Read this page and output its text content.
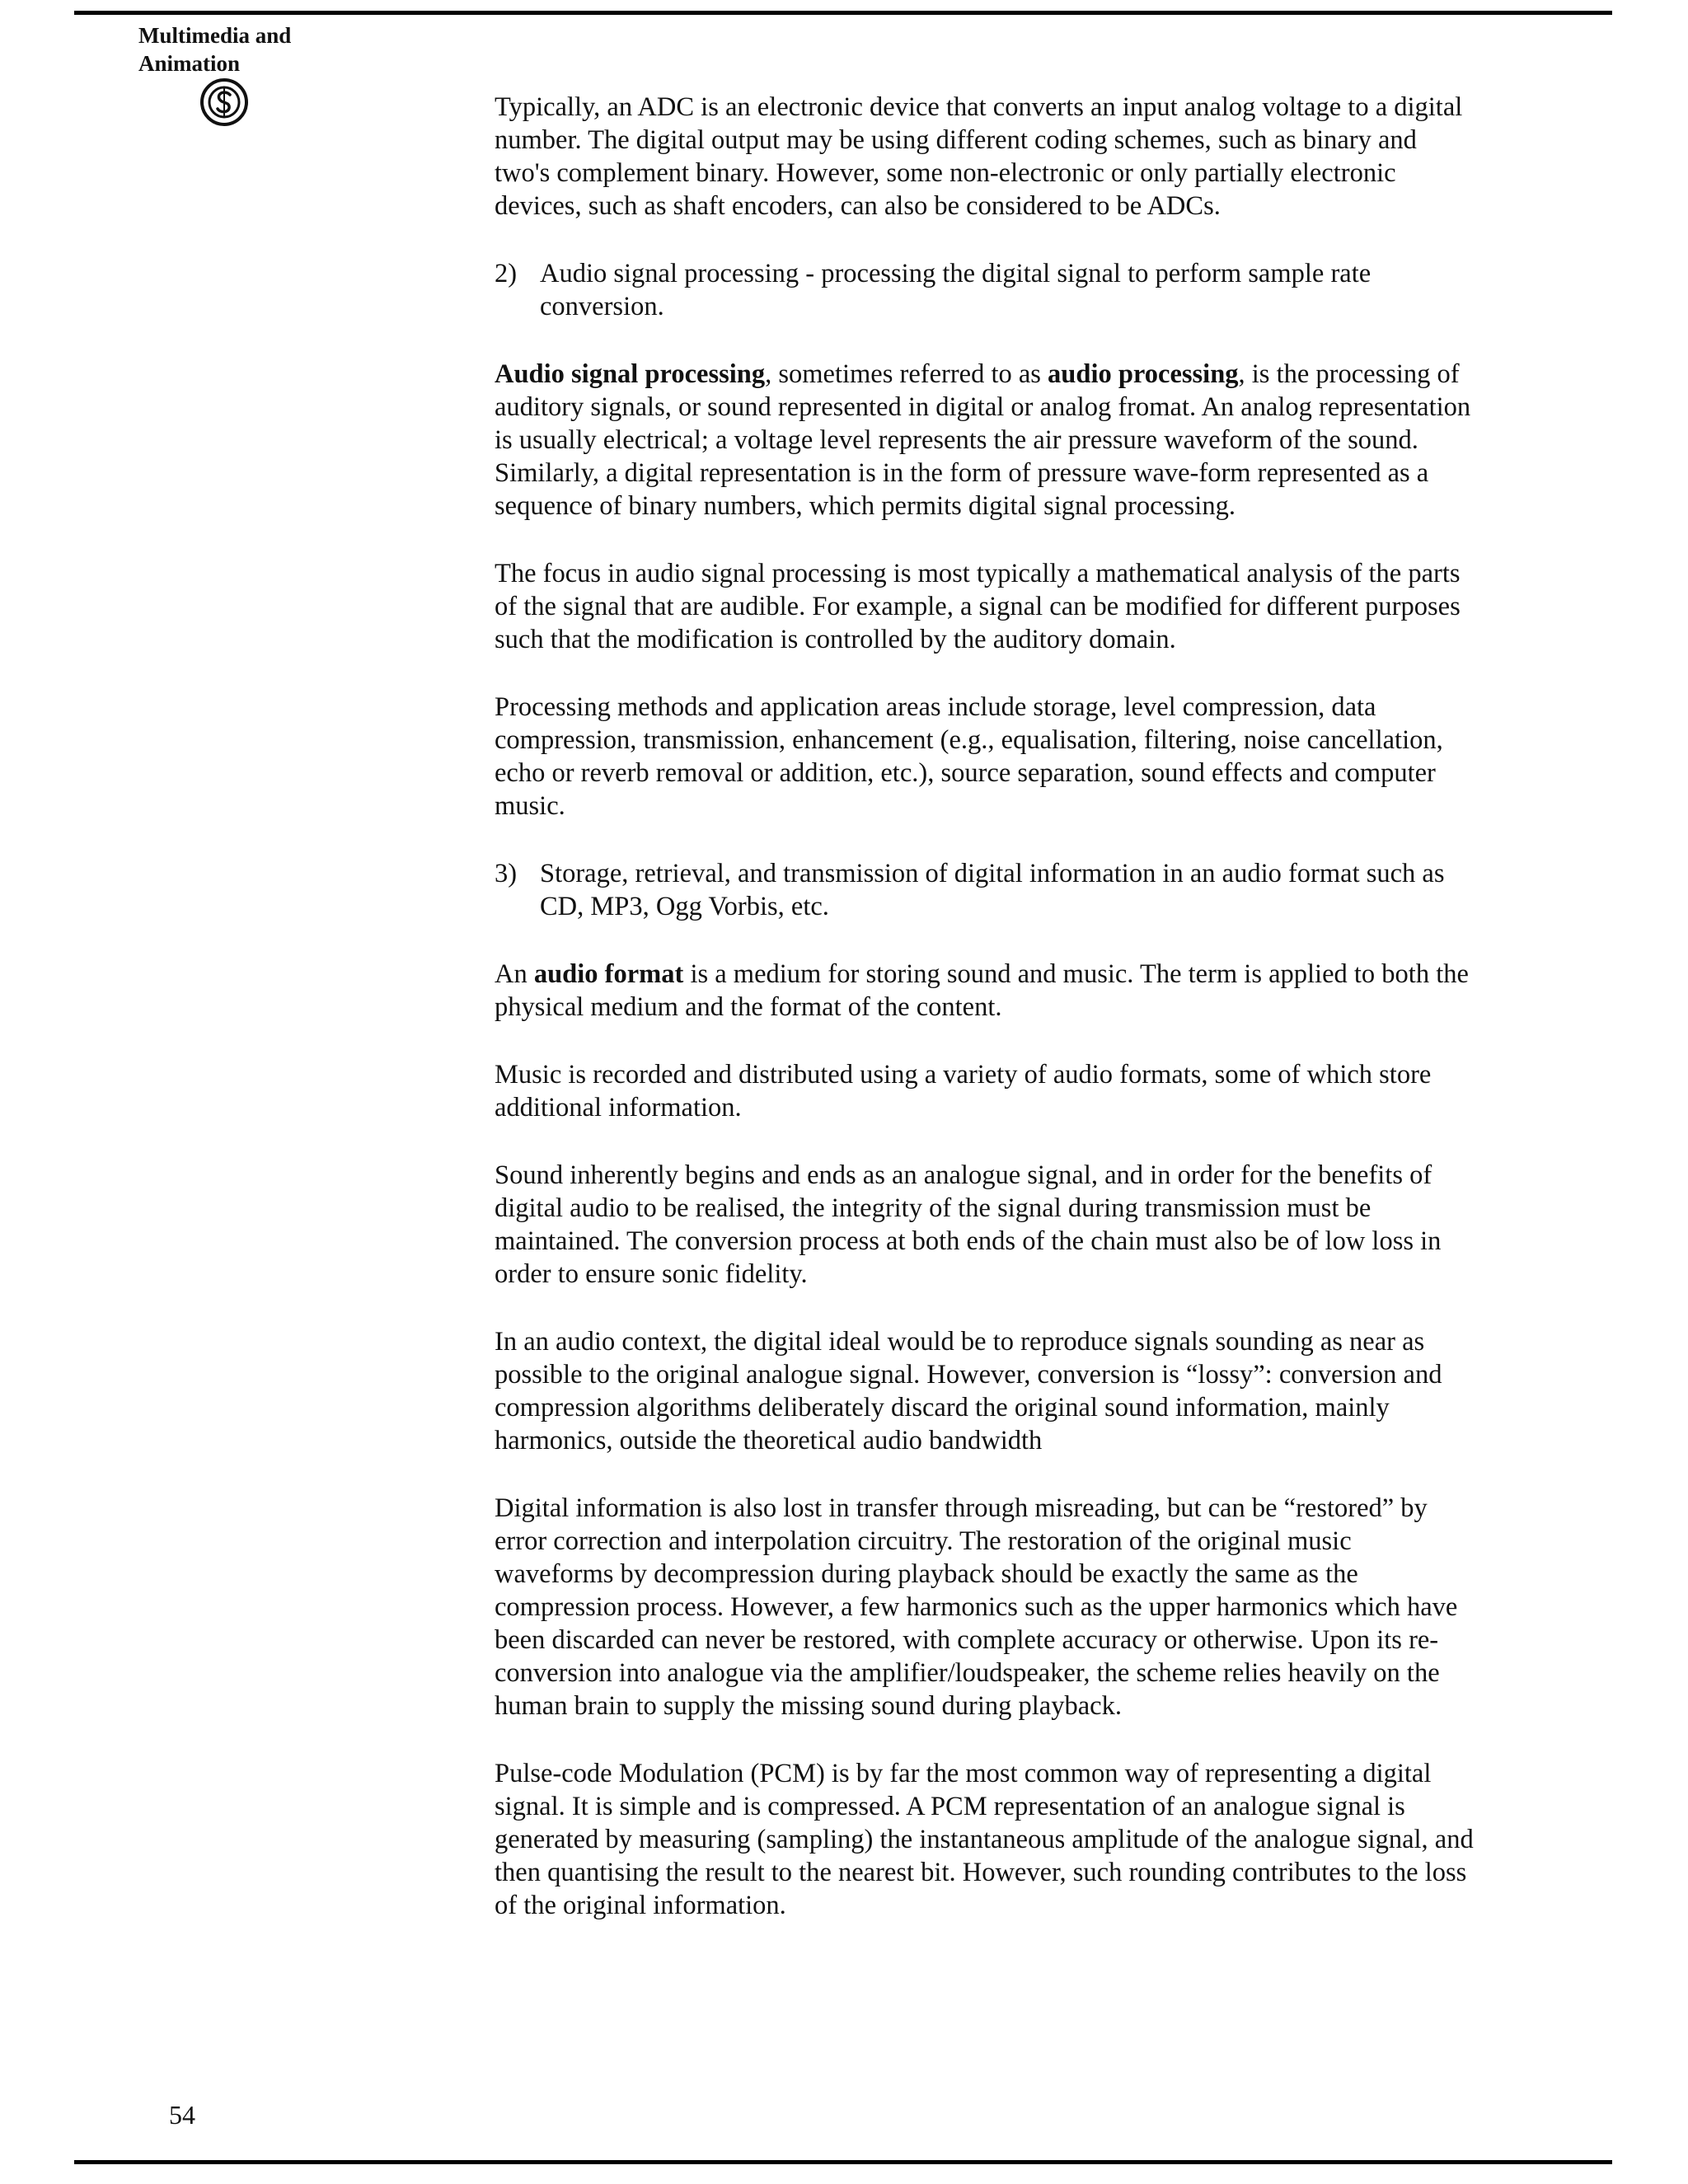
Multimedia and
Animation

Typically, an ADC is an electronic device that converts an input analog voltage to a digital number. The digital output may be using different coding schemes, such as binary and two's complement binary. However, some non-electronic or only partially electronic devices, such as shaft encoders, can also be considered to be ADCs.

2) Audio signal processing - processing the digital signal to perform sample rate conversion.

Audio signal processing, sometimes referred to as audio processing, is the processing of auditory signals, or sound represented in digital or analog fromat. An analog representation is usually electrical; a voltage level represents the air pressure waveform of the sound. Similarly, a digital representation is in the form of pressure wave-form represented as a sequence of binary numbers, which permits digital signal processing.

The focus in audio signal processing is most typically a mathematical analysis of the parts of the signal that are audible. For example, a signal can be modified for different purposes such that the modification is controlled by the auditory domain.

Processing methods and application areas include storage, level compression, data compression, transmission, enhancement (e.g., equalisation, filtering, noise cancellation, echo or reverb removal or addition, etc.), source separation, sound effects and computer music.

3) Storage, retrieval, and transmission of digital information in an audio format such as CD, MP3, Ogg Vorbis, etc.

An audio format is a medium for storing sound and music. The term is applied to both the physical medium and the format of the content.

Music is recorded and distributed using a variety of audio formats, some of which store additional information.

Sound inherently begins and ends as an analogue signal, and in order for the benefits of digital audio to be realised, the integrity of the signal during transmission must be maintained. The conversion process at both ends of the chain must also be of low loss in order to ensure sonic fidelity.

In an audio context, the digital ideal would be to reproduce signals sounding as near as possible to the original analogue signal. However, conversion is “lossy”: conversion and compression algorithms deliberately discard the original sound information, mainly harmonics, outside the theoretical audio bandwidth

Digital information is also lost in transfer through misreading, but can be “restored” by error correction and interpolation circuitry. The restoration of the original music waveforms by decompression during playback should be exactly the same as the compression process. However, a few harmonics such as the upper harmonics which have been discarded can never be restored, with complete accuracy or otherwise. Upon its re-conversion into analogue via the amplifier/loudspeaker, the scheme relies heavily on the human brain to supply the missing sound during playback.

Pulse-code Modulation (PCM) is by far the most common way of representing a digital signal. It is simple and is compressed. A PCM representation of an analogue signal is generated by measuring (sampling) the instantaneous amplitude of the analogue signal, and then quantising the result to the nearest bit. However, such rounding contributes to the loss of the original information.

54
